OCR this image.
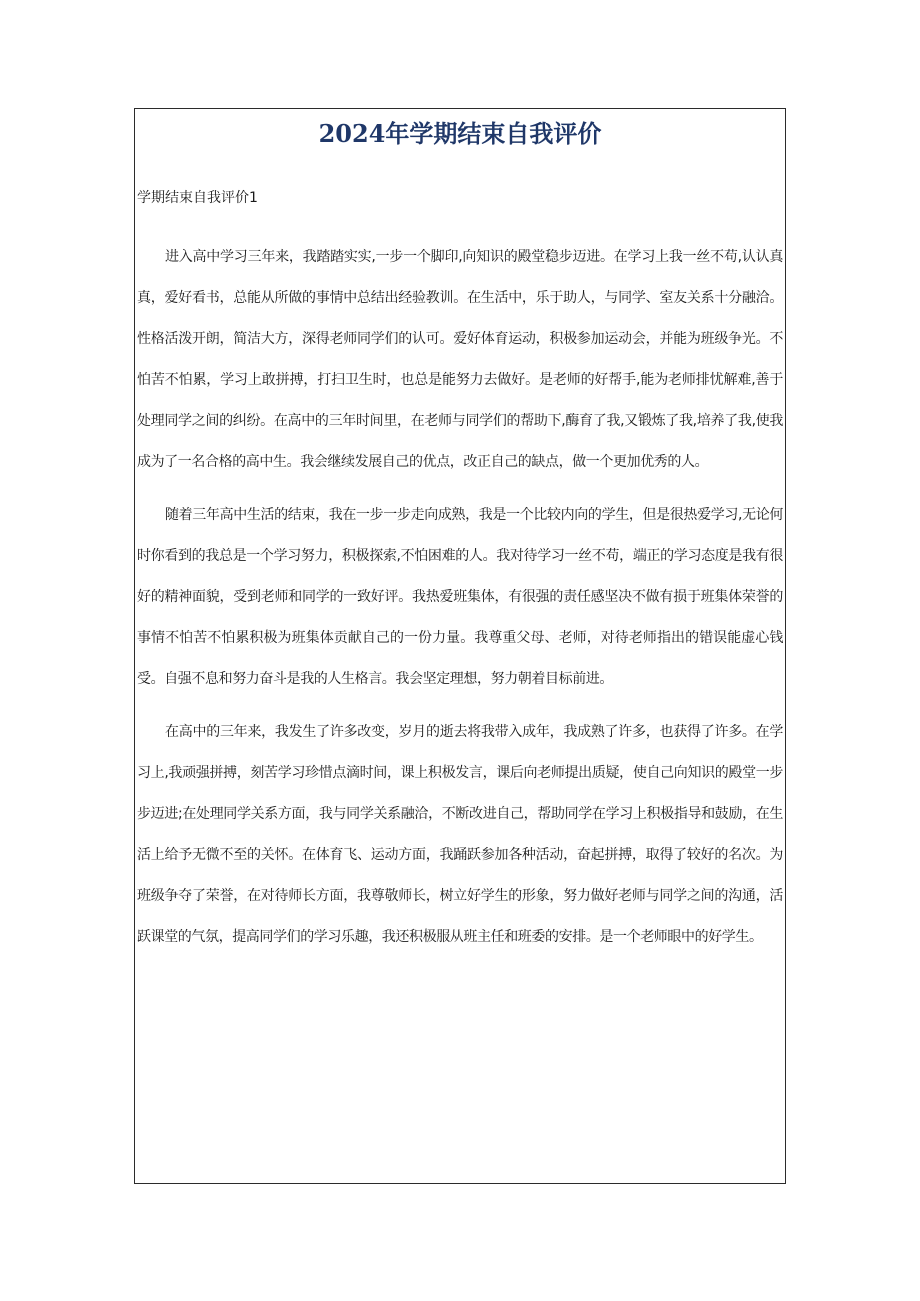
2024年学期结束自我评价

学期结束自我评价1

进入高中学习三年来，我踏踏实实,一步一个脚印,向知识的殿堂稳步迈进。在学习上我一丝不苟,认认真真，爱好看书，总能从所做的事情中总结出经验教训。在生活中，乐于助人，与同学、室友关系十分融洽。性格活泼开朗，简洁大方，深得老师同学们的认可。爱好体育运动，积极参加运动会，并能为班级争光。不怕苦不怕累，学习上敢拼搏，打扫卫生时，也总是能努力去做好。是老师的好帮手,能为老师排忧解难,善于处理同学之间的纠纷。在高中的三年时间里，在老师与同学们的帮助下,酶育了我,又锻炼了我,培养了我,使我成为了一名合格的高中生。我会继续发展自己的优点，改正自己的缺点，做一个更加优秀的人。

随着三年高中生活的结束，我在一步一步走向成熟，我是一个比较内向的学生，但是很热爱学习,无论何时你看到的我总是一个学习努力，积极探索,不怕困难的人。我对待学习一丝不苟，端正的学习态度是我有很好的精神面貌，受到老师和同学的一致好评。我热爱班集体，有很强的责任感坚决不做有损于班集体荣誉的事情不怕苦不怕累积极为班集体贡献自己的一份力量。我尊重父母、老师，对待老师指出的错误能虚心钱受。自强不息和努力奋斗是我的人生格言。我会坚定理想，努力朝着目标前进。

在高中的三年来，我发生了许多改变，岁月的逝去将我带入成年，我成熟了许多，也获得了许多。在学习上,我顽强拼搏，刻苦学习珍惜点滴时间，课上积极发言，课后向老师提出质疑，使自己向知识的殿堂一步步迈进;在处理同学关系方面，我与同学关系融洽，不断改进自己，帮助同学在学习上积极指导和鼓励，在生活上给予无微不至的关怀。在体育飞、运动方面，我踊跃参加各种活动，奋起拼搏，取得了较好的名次。为班级争夺了荣誉，在对待师长方面，我尊敬师长，树立好学生的形象，努力做好老师与同学之间的沟通，活跃课堂的气氛，提高同学们的学习乐趣，我还积极服从班主任和班委的安排。是一个老师眼中的好学生。
